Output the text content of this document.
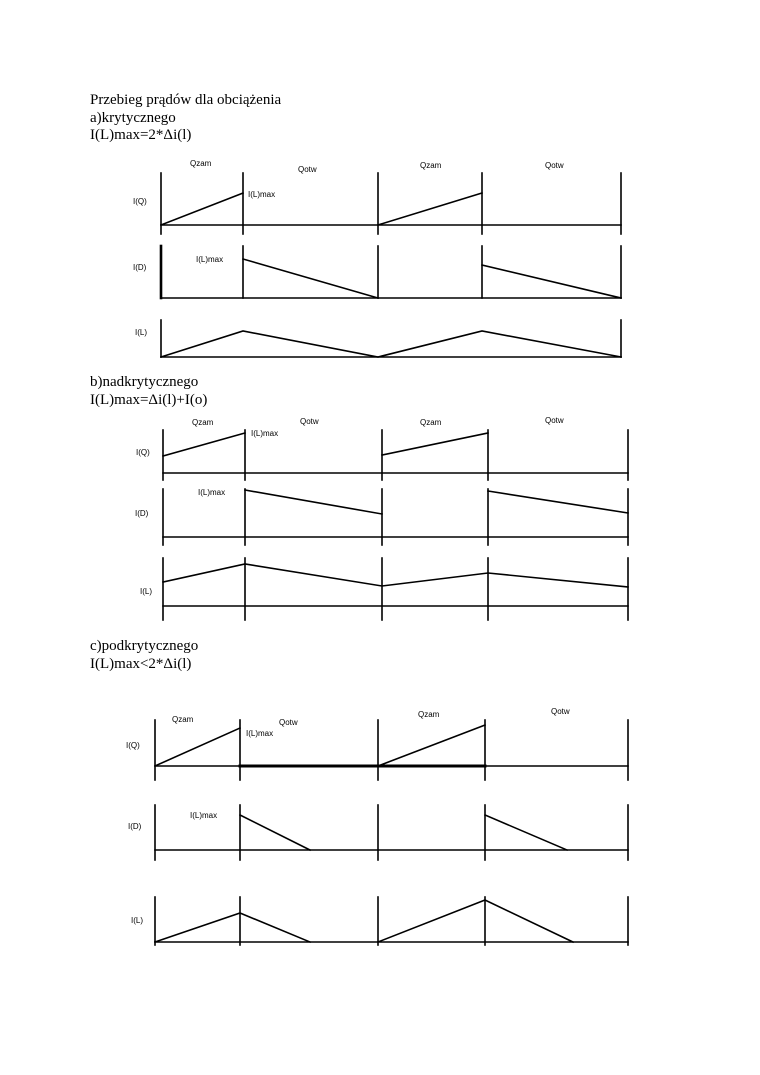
Przebieg prądów dla obciążenia
a)krytycznego
I(L)max=2*Δi(l)
b)nadkrytycznego
I(L)max=Δi(l)+I(o)
c)podkrytycznego
I(L)max<2*Δi(l)
Qzam
Qotw	Qzam	Qotw
I(Q)
I(L)max
I(D)
I(L)max
I(L)
Qzam	Qotw	Qzam	Qotw
I(Q)
I(L)max
I(D)
I(L)max
I(L)
Qzam	Qotw
Qzam	Qotw
I(Q)
I(L)max
I(D)
I(L)max
I(L)
